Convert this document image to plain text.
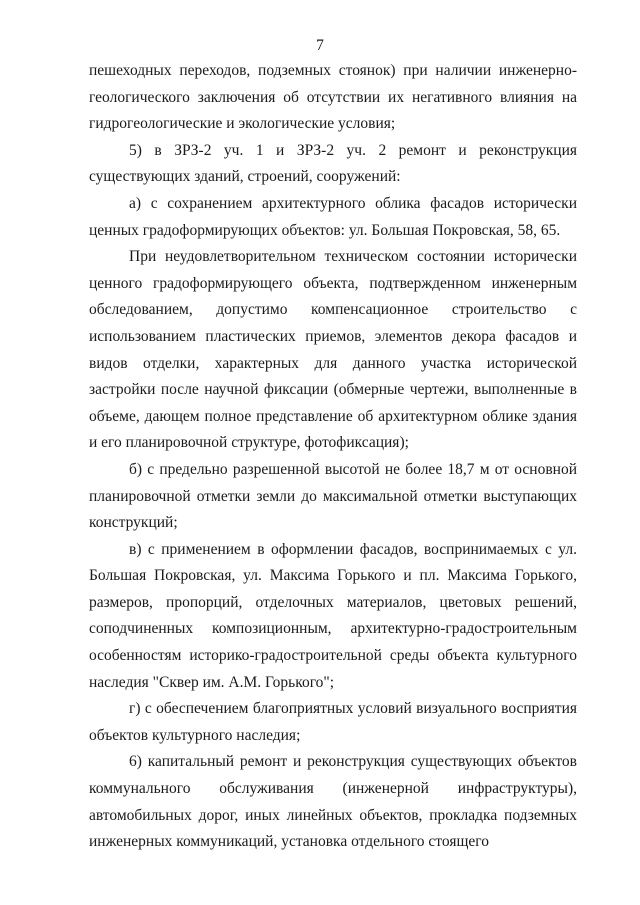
7

пешеходных переходов, подземных стоянок) при наличии инженерно-геологического заключения об отсутствии их негативного влияния на гидрогеологические и экологические условия;

5) в ЗРЗ-2 уч. 1 и ЗРЗ-2 уч. 2 ремонт и реконструкция существующих зданий, строений, сооружений:

а) с сохранением архитектурного облика фасадов исторически ценных градоформирующих объектов: ул. Большая Покровская, 58, 65.

При неудовлетворительном техническом состоянии исторически ценного градоформирующего объекта, подтвержденном инженерным обследованием, допустимо компенсационное строительство с использованием пластических приемов, элементов декора фасадов и видов отделки, характерных для данного участка исторической застройки после научной фиксации (обмерные чертежи, выполненные в объеме, дающем полное представление об архитектурном облике здания и его планировочной структуре, фотофиксация);

б) с предельно разрешенной высотой не более 18,7 м от основной планировочной отметки земли до максимальной отметки выступающих конструкций;

в) с применением в оформлении фасадов, воспринимаемых с ул. Большая Покровская, ул. Максима Горького и пл. Максима Горького, размеров, пропорций, отделочных материалов, цветовых решений, соподчиненных композиционным, архитектурно-градостроительным особенностям историко-градостроительной среды объекта культурного наследия "Сквер им. А.М. Горького";

г) с обеспечением благоприятных условий визуального восприятия объектов культурного наследия;

6) капитальный ремонт и реконструкция существующих объектов коммунального обслуживания (инженерной инфраструктуры), автомобильных дорог, иных линейных объектов, прокладка подземных инженерных коммуникаций, установка отдельного стоящего
